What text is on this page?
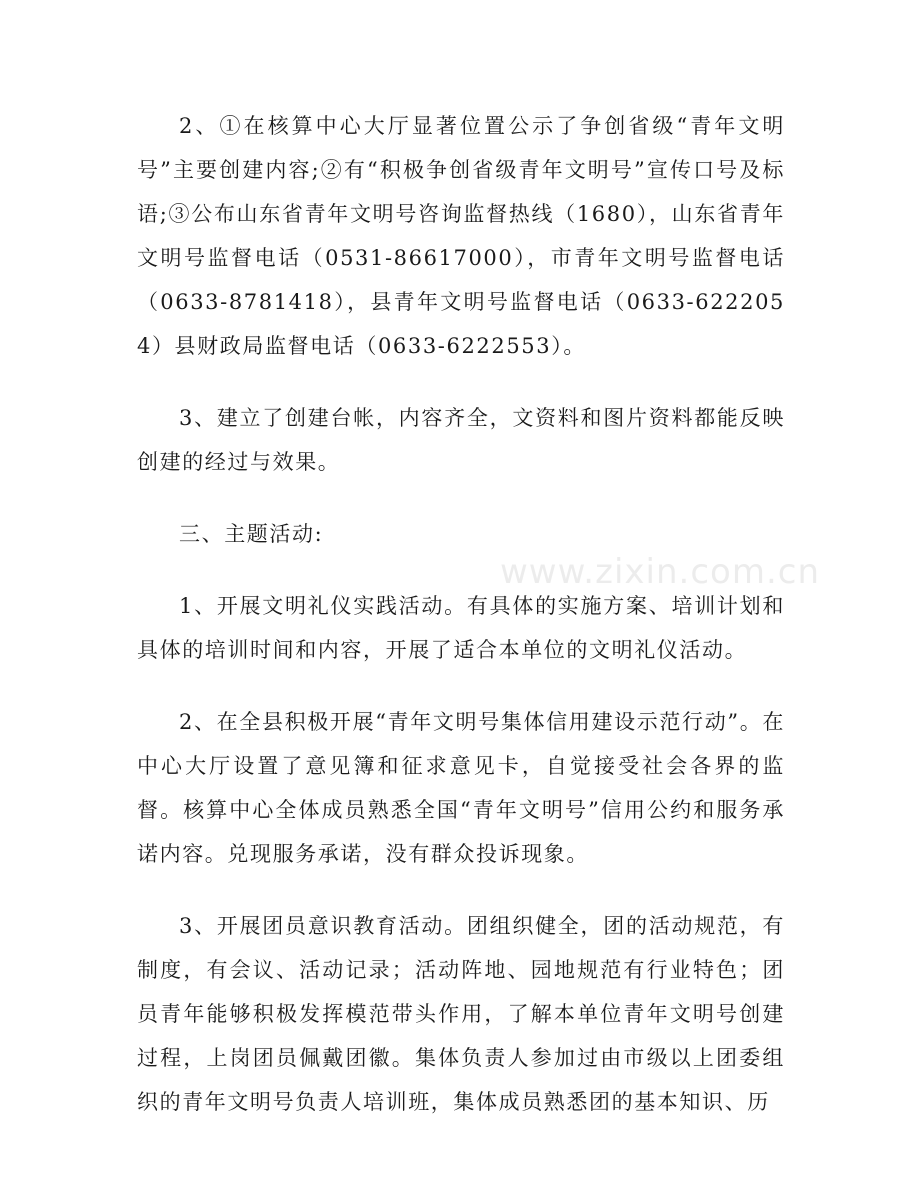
2、①在核算中心大厅显著位置公示了争创省级“青年文明号”主要创建内容;②有“积极争创省级青年文明号”宣传口号及标语;③公布山东省青年文明号咨询监督热线（1680），山东省青年文明号监督电话（0531-86617000），市青年文明号监督电话（0633-8781418），县青年文明号监督电话（0633-6222054）县财政局监督电话（0633-6222553）。

3、建立了创建台帐，内容齐全，文资料和图片资料都能反映创建的经过与效果。

三、主题活动:

1、开展文明礼仪实践活动。有具体的实施方案、培训计划和具体的培训时间和内容，开展了适合本单位的文明礼仪活动。

2、在全县积极开展“青年文明号集体信用建设示范行动”。在中心大厅设置了意见簿和征求意见卡，自觉接受社会各界的监督。核算中心全体成员熟悉全国“青年文明号”信用公约和服务承诺内容。兑现服务承诺，没有群众投诉现象。

3、开展团员意识教育活动。团组织健全，团的活动规范，有制度，有会议、活动记录；活动阵地、园地规范有行业特色；团员青年能够积极发挥模范带头作用，了解本单位青年文明号创建过程，上岗团员佩戴团徽。集体负责人参加过由市级以上团委组织的青年文明号负责人培训班，集体成员熟悉团的基本知识、历

www.zixin.com.cn
